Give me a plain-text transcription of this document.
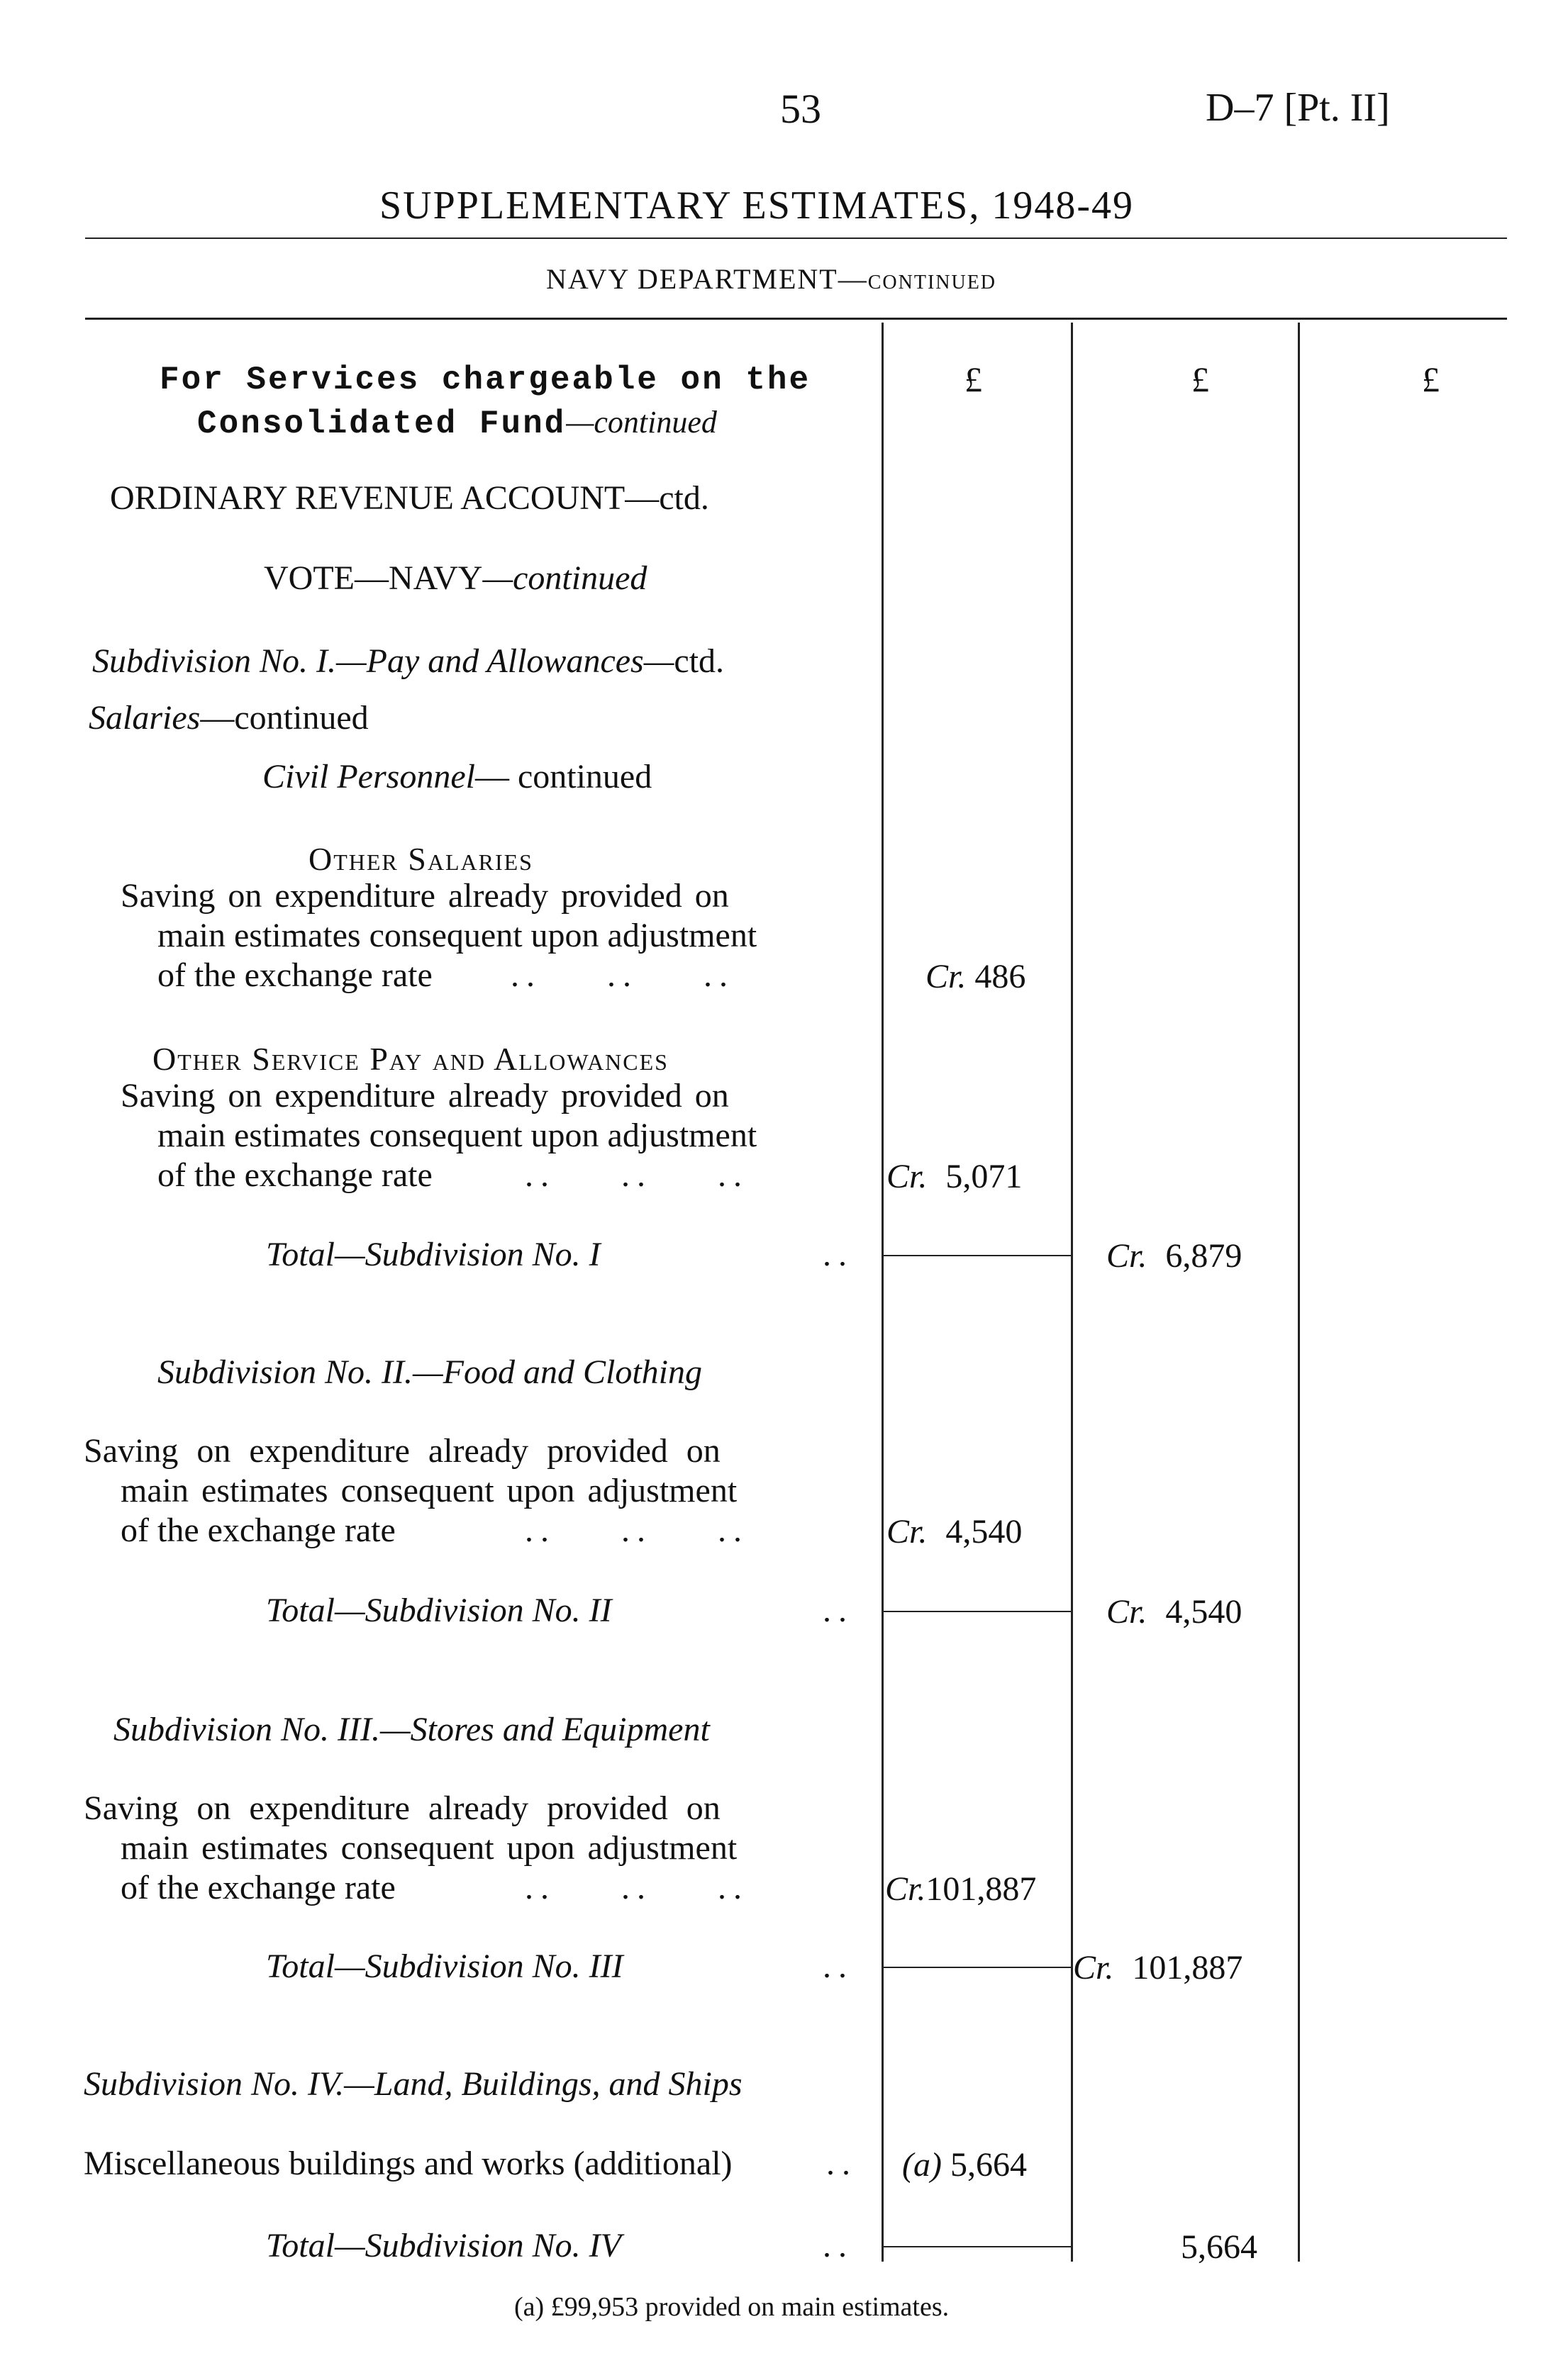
53	D–7 [Pt. II]
SUPPLEMENTARY ESTIMATES, 1948-49
NAVY DEPARTMENT—continued
For Services chargeable on the
Consolidated Fund—continued
£	£	£
ORDINARY REVENUE ACCOUNT—ctd.
VOTE—NAVY—continued
Subdivision No. I.—Pay and Allowances—ctd.
Salaries—continued
Civil Personnel— continued
Other Salaries
Saving on expenditure already provided on
main estimates consequent upon adjustment
of the exchange rate .. .. ..	Cr. 486
Other Service Pay and Allowances
Saving on expenditure already provided on
main estimates consequent upon adjustment
of the exchange rate	.. .. ..	Cr. 5,071
Total—Subdivision No. I	..	Cr. 6,879
Subdivision No. II.—Food and Clothing
Saving on expenditure already provided on
main estimates consequent upon adjustment
of the exchange rate	.. .. ..	Cr. 4,540
Total—Subdivision No. II	..	Cr. 4,540
Subdivision No. III.—Stores and Equipment
Saving on expenditure already provided on
main estimates consequent upon adjustment
of the exchange rate	.. .. ..	Cr.101,887
Total—Subdivision No. III	..	Cr. 101,887
Subdivision No. IV.—Land, Buildings, and Ships
Miscellaneous buildings and works (additional)	.. (a) 5,664
Total—Subdivision No. IV	..	5,664
(a) £99,953 provided on main estimates.
